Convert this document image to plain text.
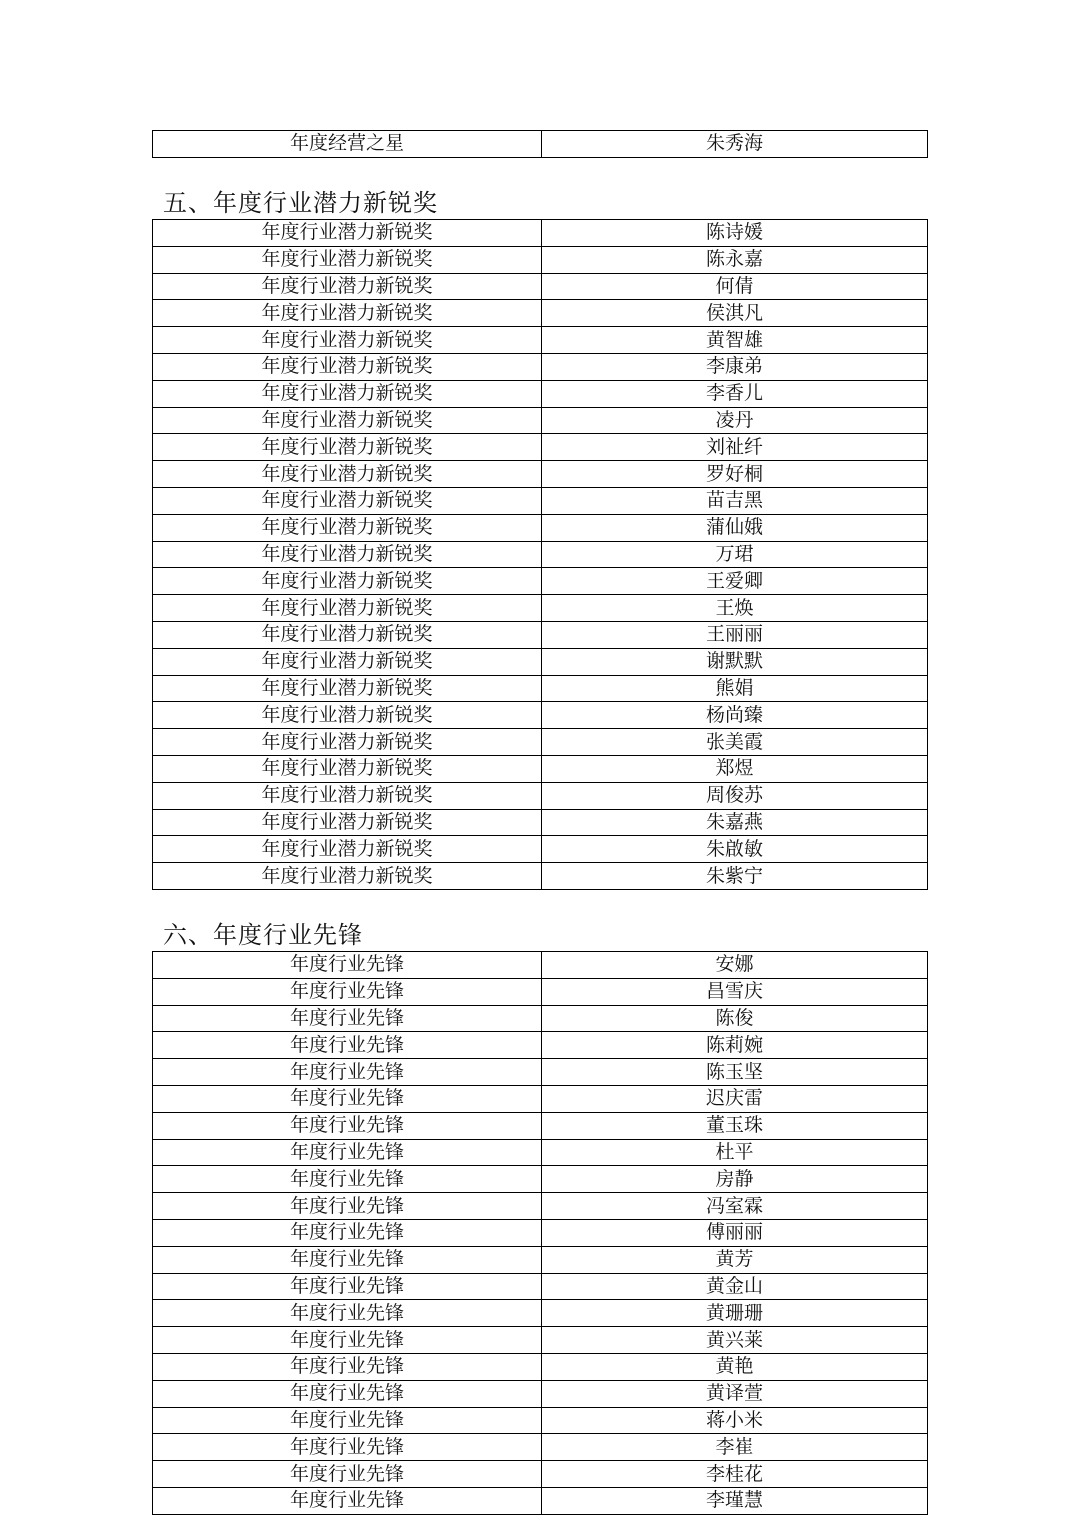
年度经营之星	朱秀海
五、年度行业潜力新锐奖
年度行业潜力新锐奖	陈诗媛
年度行业潜力新锐奖	陈永嘉
年度行业潜力新锐奖	何倩
年度行业潜力新锐奖	侯淇凡
年度行业潜力新锐奖	黄智雄
年度行业潜力新锐奖	李康弟
年度行业潜力新锐奖	李香儿
年度行业潜力新锐奖	凌丹
年度行业潜力新锐奖	刘祉纤
年度行业潜力新锐奖	罗好桐
年度行业潜力新锐奖	苗吉黑
年度行业潜力新锐奖	蒲仙娥
年度行业潜力新锐奖	万珺
年度行业潜力新锐奖	王爱卿
年度行业潜力新锐奖	王焕
年度行业潜力新锐奖	王丽丽
年度行业潜力新锐奖	谢默默
年度行业潜力新锐奖	熊娟
年度行业潜力新锐奖	杨尚臻
年度行业潜力新锐奖	张美霞
年度行业潜力新锐奖	郑煜
年度行业潜力新锐奖	周俊苏
年度行业潜力新锐奖	朱嘉燕
年度行业潜力新锐奖	朱啟敏
年度行业潜力新锐奖	朱紫宁
六、年度行业先锋
年度行业先锋	安娜
年度行业先锋	昌雪庆
年度行业先锋	陈俊
年度行业先锋	陈莉婉
年度行业先锋	陈玉坚
年度行业先锋	迟庆雷
年度行业先锋	董玉珠
年度行业先锋	杜平
年度行业先锋	房静
年度行业先锋	冯室霖
年度行业先锋	傅丽丽
年度行业先锋	黄芳
年度行业先锋	黄金山
年度行业先锋	黄珊珊
年度行业先锋	黄兴莱
年度行业先锋	黄艳
年度行业先锋	黄译萱
年度行业先锋	蒋小米
年度行业先锋	李崔
年度行业先锋	李桂花
年度行业先锋	李瑾慧
